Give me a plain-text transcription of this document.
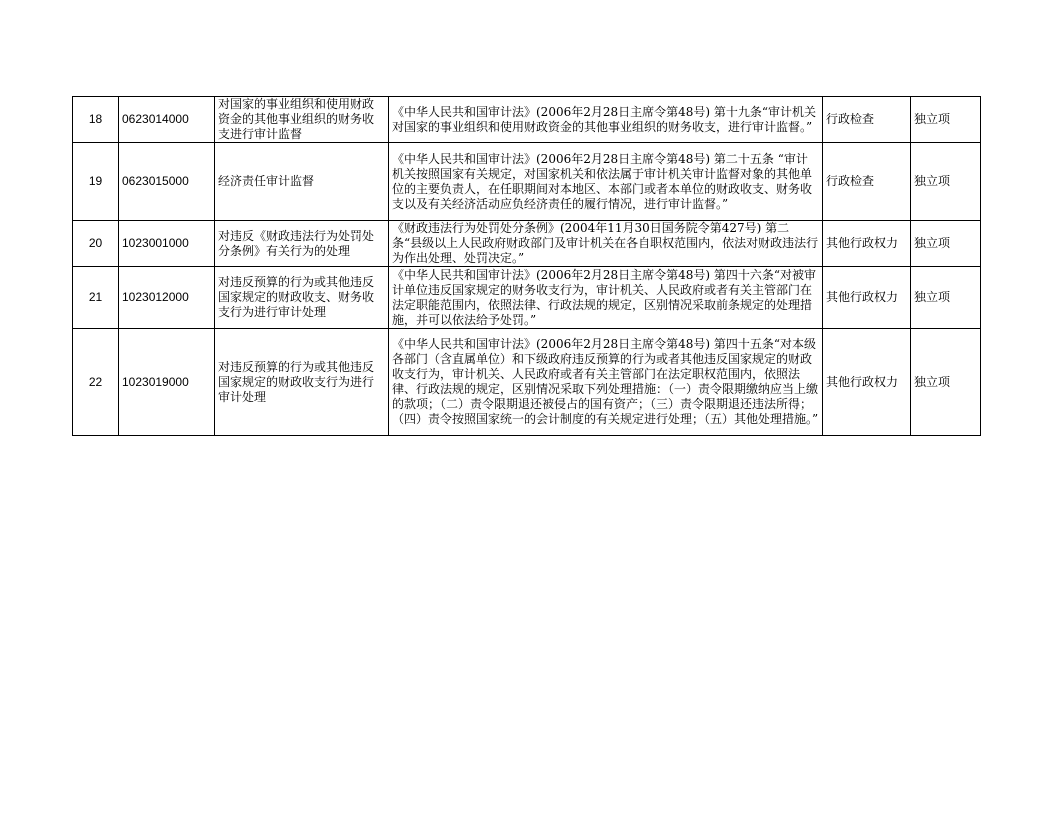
18	0623014000	对国家的事业组织和使用财政资金的其他事业组织的财务收支进行审计监督	《中华人民共和国审计法》(2006年2月28日主席令第48号) 第十九条“审计机关对国家的事业组织和使用财政资金的其他事业组织的财务收支，进行审计监督。”	行政检查	独立项
19	0623015000	经济责任审计监督	《中华人民共和国审计法》(2006年2月28日主席令第48号) 第二十五条 “审计机关按照国家有关规定，对国家机关和依法属于审计机关审计监督对象的其他单位的主要负责人，在任职期间对本地区、本部门或者本单位的财政收支、财务收支以及有关经济活动应负经济责任的履行情况，进行审计监督。”	行政检查	独立项
20	1023001000	对违反《财政违法行为处罚处分条例》有关行为的处理	《财政违法行为处罚处分条例》(2004年11月30日国务院令第427号) 第二条“县级以上人民政府财政部门及审计机关在各自职权范围内，依法对财政违法行为作出处理、处罚决定。”	其他行政权力	独立项
21	1023012000	对违反预算的行为或其他违反国家规定的财政收支、财务收支行为进行审计处理	《中华人民共和国审计法》(2006年2月28日主席令第48号) 第四十六条“对被审计单位违反国家规定的财务收支行为，审计机关、人民政府或者有关主管部门在法定职能范围内，依照法律、行政法规的规定，区别情况采取前条规定的处理措施，并可以依法给予处罚。”	其他行政权力	独立项
22	1023019000	对违反预算的行为或其他违反国家规定的财政收支行为进行审计处理	《中华人民共和国审计法》(2006年2月28日主席令第48号) 第四十五条“对本级各部门（含直属单位）和下级政府违反预算的行为或者其他违反国家规定的财政收支行为，审计机关、人民政府或者有关主管部门在法定职权范围内，依照法律、行政法规的规定，区别情况采取下列处理措施：（一）责令限期缴纳应当上缴的款项；（二）责令限期退还被侵占的国有资产；（三）责令限期退还违法所得；（四）责令按照国家统一的会计制度的有关规定进行处理；（五）其他处理措施。”	其他行政权力	独立项
